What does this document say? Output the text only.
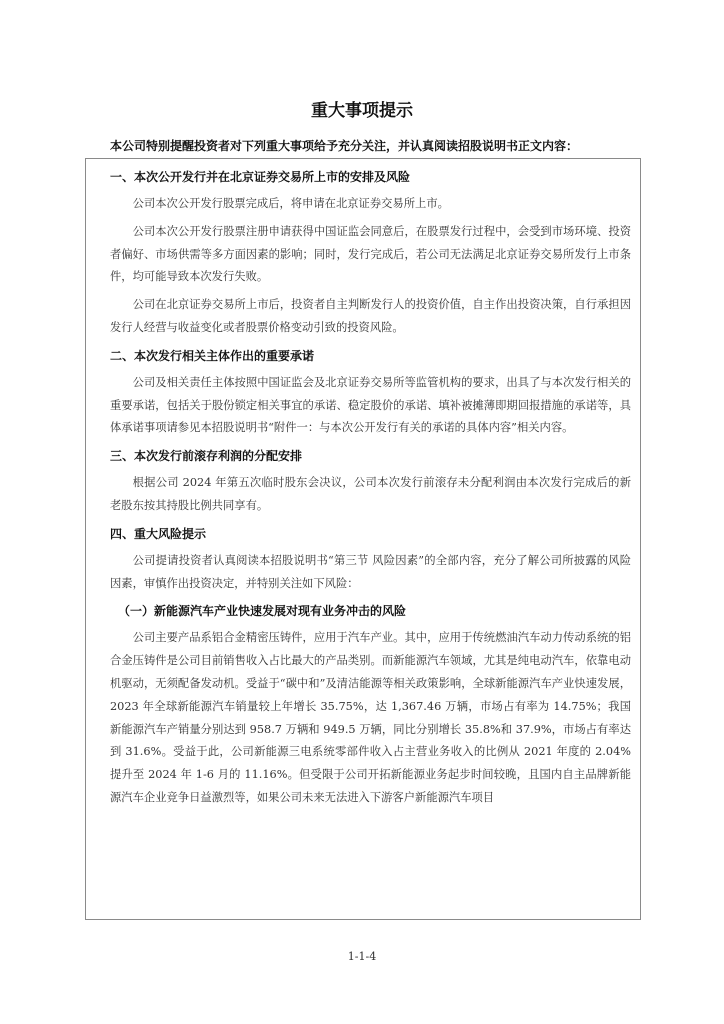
重大事项提示
本公司特别提醒投资者对下列重大事项给予充分关注，并认真阅读招股说明书正文内容：
一、本次公开发行并在北京证券交易所上市的安排及风险

公司本次公开发行股票完成后，将申请在北京证券交易所上市。

公司本次公开发行股票注册申请获得中国证监会同意后，在股票发行过程中，会受到市场环境、投资者偏好、市场供需等多方面因素的影响；同时，发行完成后，若公司无法满足北京证券交易所发行上市条件，均可能导致本次发行失败。

公司在北京证券交易所上市后，投资者自主判断发行人的投资价值，自主作出投资决策，自行承担因发行人经营与收益变化或者股票价格变动引致的投资风险。

二、本次发行相关主体作出的重要承诺

公司及相关责任主体按照中国证监会及北京证券交易所等监管机构的要求，出具了与本次发行相关的重要承诺，包括关于股份锁定相关事宜的承诺、稳定股价的承诺、填补被摊薄即期回报措施的承诺等，具体承诺事项请参见本招股说明书“附件一：与本次公开发行有关的承诺的具体内容”相关内容。

三、本次发行前滚存利润的分配安排

根据公司 2024 年第五次临时股东会决议，公司本次发行前滚存未分配利润由本次发行完成后的新老股东按其持股比例共同享有。

四、重大风险提示

公司提请投资者认真阅读本招股说明书“第三节 风险因素”的全部内容，充分了解公司所披露的风险因素，审慎作出投资决定，并特别关注如下风险：

（一）新能源汽车产业快速发展对现有业务冲击的风险

公司主要产品系铝合金精密压铸件，应用于汽车产业。其中，应用于传统燃油汽车动力传动系统的铝合金压铸件是公司目前销售收入占比最大的产品类别。而新能源汽车领域，尤其是纯电动汽车，依靠电动机驱动，无须配备发动机。受益于“碳中和”及清洁能源等相关政策影响，全球新能源汽车产业快速发展，2023 年全球新能源汽车销量较上年增长 35.75%，达 1,367.46 万辆，市场占有率为 14.75%；我国新能源汽车产销量分别达到 958.7 万辆和 949.5 万辆，同比分别增长 35.8%和 37.9%，市场占有率达到 31.6%。受益于此，公司新能源三电系统零部件收入占主营业务收入的比例从 2021 年度的 2.04%提升至 2024 年 1-6 月的 11.16%。但受限于公司开拓新能源业务起步时间较晚，且国内自主品牌新能源汽车企业竞争日益激烈等，如果公司未来无法进入下游客户新能源汽车项目

1-1-4
